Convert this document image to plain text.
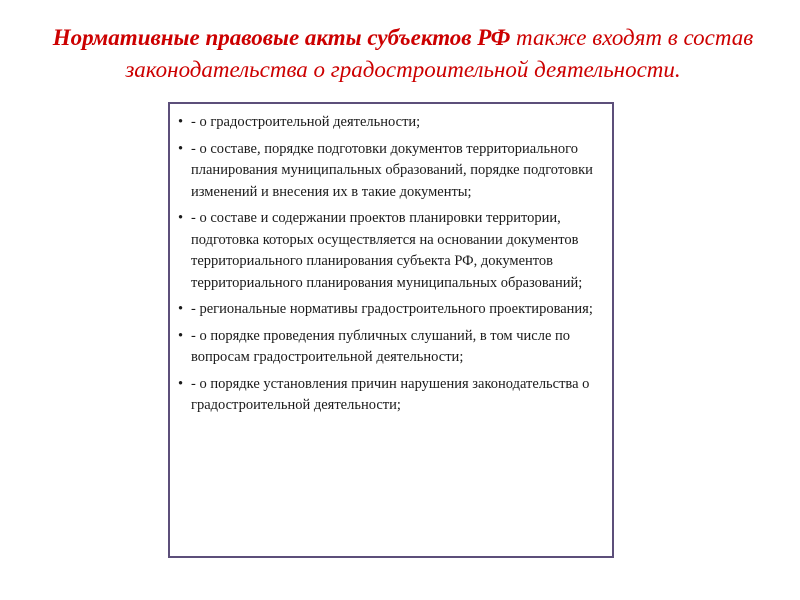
Нормативные правовые акты субъектов РФ также входят в состав законодательства о градостроительной деятельности.
• - о градостроительной деятельности;
• - о составе, порядке подготовки документов территориального планирования муниципальных образований, порядке подготовки изменений и внесения их в такие документы;
• - о составе и содержании проектов планировки территории, подготовка которых осуществляется на основании документов территориального планирования субъекта РФ, документов территориального планирования муниципальных образований;
• - региональные нормативы градостроительного проектирования;
• - о порядке проведения публичных слушаний, в том числе по вопросам градостроительной деятельности;
• - о порядке установления причин нарушения законодательства о градостроительной деятельности;
